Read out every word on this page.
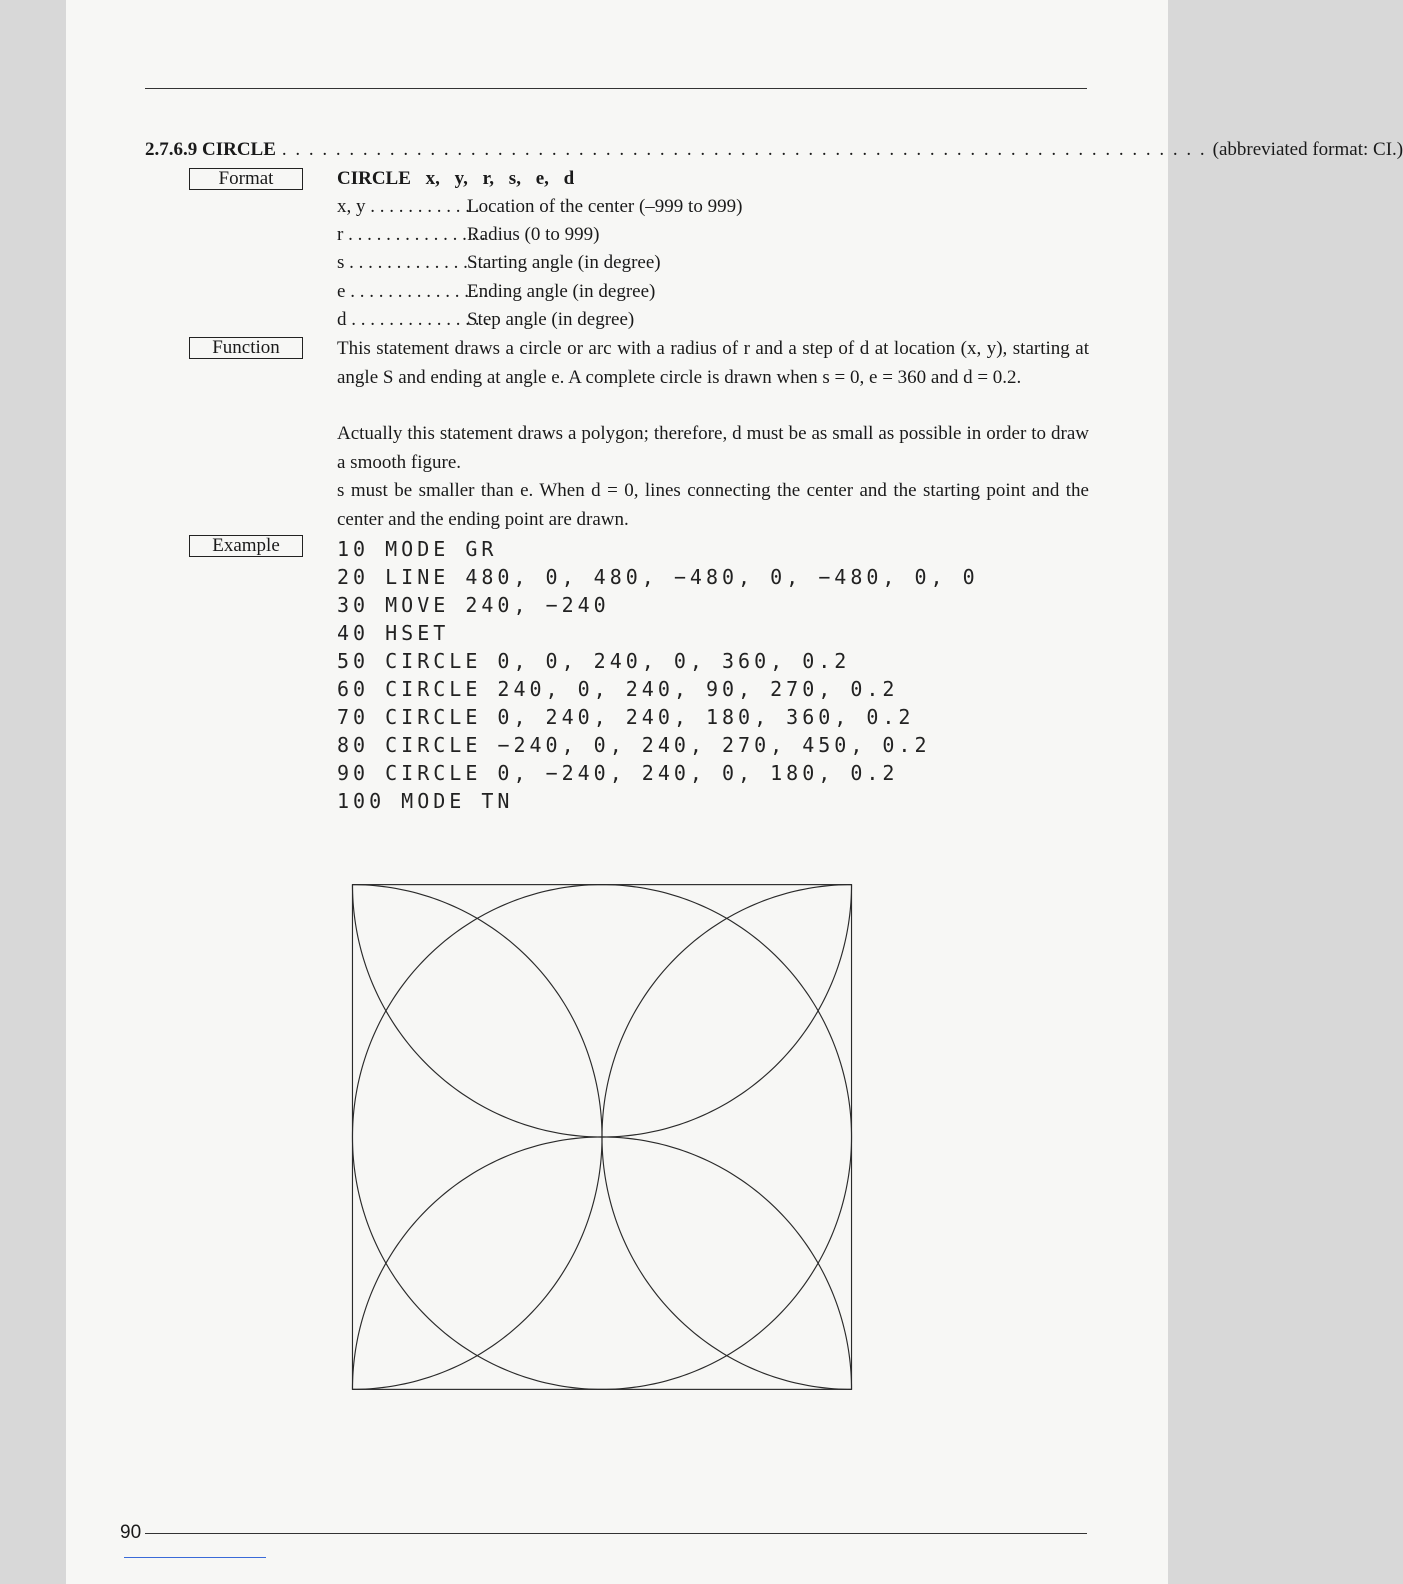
2.7.6.9 CIRCLE
. . .	(abbreviated format: CI.)
Format
Function
Example
CIRCLE x, y, r, s, e, d
x, y . . . . . . . . . . . .Location of the center (–999 to 999)
r . . . . . . . . . . . . . . .Radius (0 to 999)
s . . . . . . . . . . . . . . .Starting angle (in degree)
e . . . . . . . . . . . . . . .Ending angle (in degree)
d . . . . . . . . . . . . . . .Step angle (in degree)
This statement draws a circle or arc with a radius of r and a step of d at location (x, y), starting at angle S and ending at angle e. A complete circle is drawn when s = 0, e = 360 and d = 0.2.
Actually this statement draws a polygon; therefore, d must be as small as possible in order to draw a smooth figure.
s must be smaller than e. When d = 0, lines connecting the center and the starting point and the center and the ending point are drawn.
10 MODE GR
20 LINE 480, 0, 480, −480, 0, −480, 0, 0
30 MOVE 240, −240
40 HSET
50 CIRCLE 0, 0, 240, 0, 360, 0.2
60 CIRCLE 240, 0, 240, 90, 270, 0.2
70 CIRCLE 0, 240, 240, 180, 360, 0.2
80 CIRCLE −240, 0, 240, 270, 450, 0.2
90 CIRCLE 0, −240, 240, 0, 180, 0.2
100 MODE TN
90
